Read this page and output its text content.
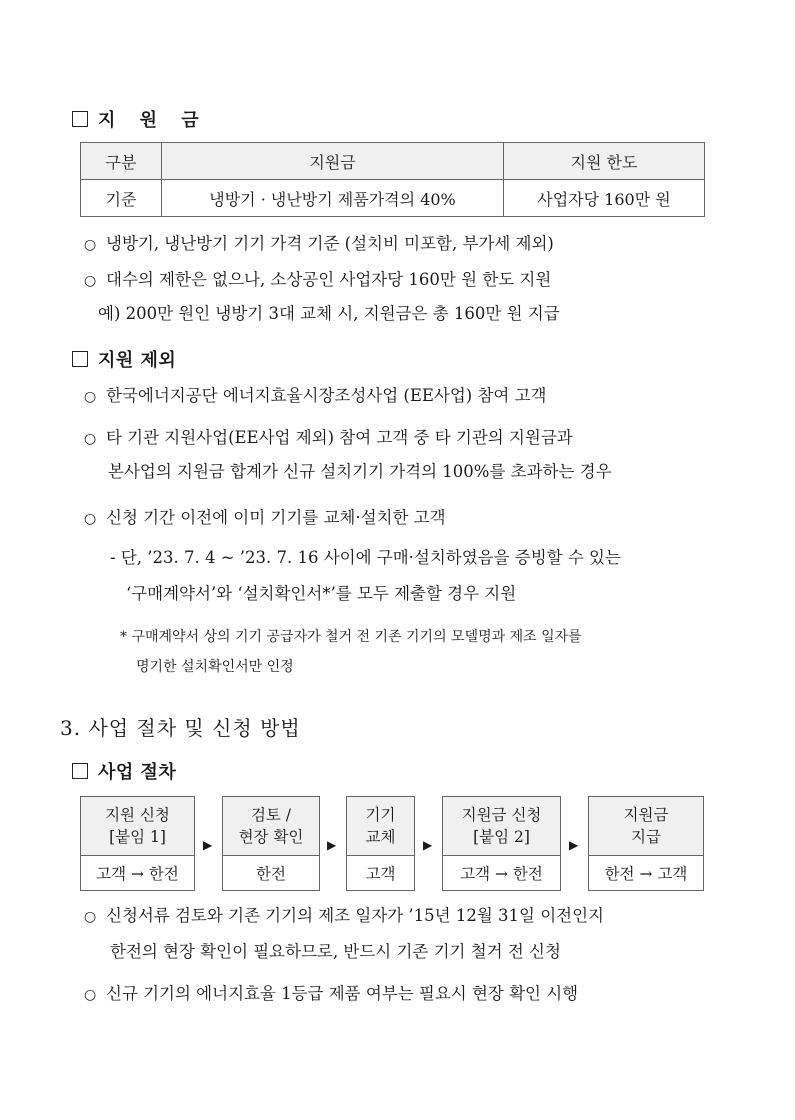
지 원 금
구분	지원금	지원 한도
기준	냉방기 · 냉난방기 제품가격의 40%	사업자당 160만 원
○ 냉방기, 냉난방기 기기 가격 기준 (설치비 미포함, 부가세 제외)
○ 대수의 제한은 없으나, 소상공인 사업자당 160만 원 한도 지원
예) 200만 원인 냉방기 3대 교체 시, 지원금은 총 160만 원 지급
지원 제외
○ 한국에너지공단 에너지효율시장조성사업 (EE사업) 참여 고객
○ 타 기관 지원사업(EE사업 제외) 참여 고객 중 타 기관의 지원금과
본사업의 지원금 합계가 신규 설치기기 가격의 100%를 초과하는 경우
○ 신청 기간 이전에 이미 기기를 교체·설치한 고객
- 단, ’23. 7. 4 ~ ’23. 7. 16 사이에 구매·설치하였음을 증빙할 수 있는
‘구매계약서’와 ‘설치확인서*’를 모두 제출할 경우 지원
* 구매계약서 상의 기기 공급자가 철거 전 기존 기기의 모델명과 제조 일자를
명기한 설치확인서만 인정
3. 사업 절차 및 신청 방법
사업 절차
지원 신청
[붙임 1]
고객 → 한전
▶
검토 /
현장 확인
한전
▶
기기
교체
고객
▶
지원금 신청
[붙임 2]
고객 → 한전
▶
지원금
지급
한전 → 고객
○ 신청서류 검토와 기존 기기의 제조 일자가 ’15년 12월 31일 이전인지
한전의 현장 확인이 필요하므로, 반드시 기존 기기 철거 전 신청
○ 신규 기기의 에너지효율 1등급 제품 여부는 필요시 현장 확인 시행
